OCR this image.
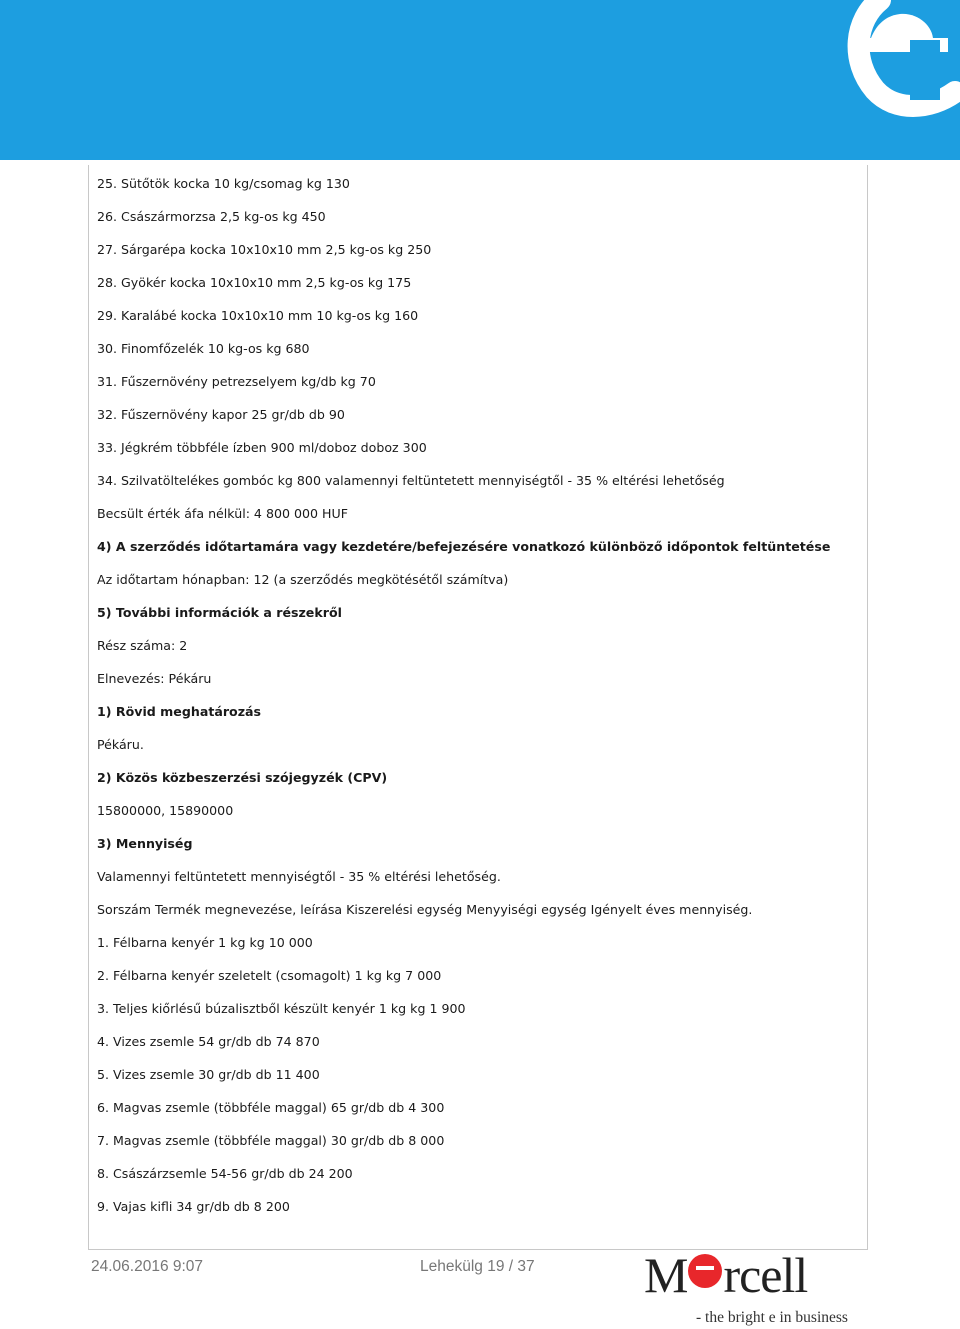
25. Sütőtök kocka 10 kg/csomag kg 130
26. Császármorzsa 2,5 kg-os kg 450
27. Sárgarépa kocka 10x10x10 mm 2,5 kg-os kg 250
28. Gyökér kocka 10x10x10 mm 2,5 kg-os kg 175
29. Karalábé kocka 10x10x10 mm 10 kg-os kg 160
30. Finomfőzelék 10 kg-os kg 680
31. Fűszernövény petrezselyem kg/db kg 70
32. Fűszernövény kapor 25 gr/db db 90
33. Jégkrém többféle ízben 900 ml/doboz doboz 300
34. Szilvatöltelékes gombóc kg 800 valamennyi feltüntetett mennyiségtől - 35 % eltérési lehetőség
Becsült érték áfa nélkül: 4 800 000 HUF
4) A szerződés időtartamára vagy kezdetére/befejezésére vonatkozó különböző időpontok feltüntetése
Az időtartam hónapban: 12 (a szerződés megkötésétől számítva)
5) További információk a részekről
Rész száma: 2
Elnevezés: Pékáru
1) Rövid meghatározás
Pékáru.
2) Közös közbeszerzési szójegyzék (CPV)
15800000, 15890000
3) Mennyiség
Valamennyi feltüntetett mennyiségtől - 35 % eltérési lehetőség.
Sorszám Termék megnevezése, leírása Kiszerelési egység Menyyiségi egység Igényelt éves mennyiség.
1. Félbarna kenyér 1 kg kg 10 000
2. Félbarna kenyér szeletelt (csomagolt) 1 kg kg 7 000
3. Teljes kiőrlésű búzalisztből készült kenyér 1 kg kg 1 900
4. Vizes zsemle 54 gr/db db 74 870
5. Vizes zsemle 30 gr/db db 11 400
6. Magvas zsemle (többféle maggal) 65 gr/db db 4 300
7. Magvas zsemle (többféle maggal) 30 gr/db db 8 000
8. Császárzsemle 54-56 gr/db db 24 200
9. Vajas kifli 34 gr/db db 8 200
24.06.2016 9:07	Lehekülg 19 / 37 M rcell
- the bright e in business
